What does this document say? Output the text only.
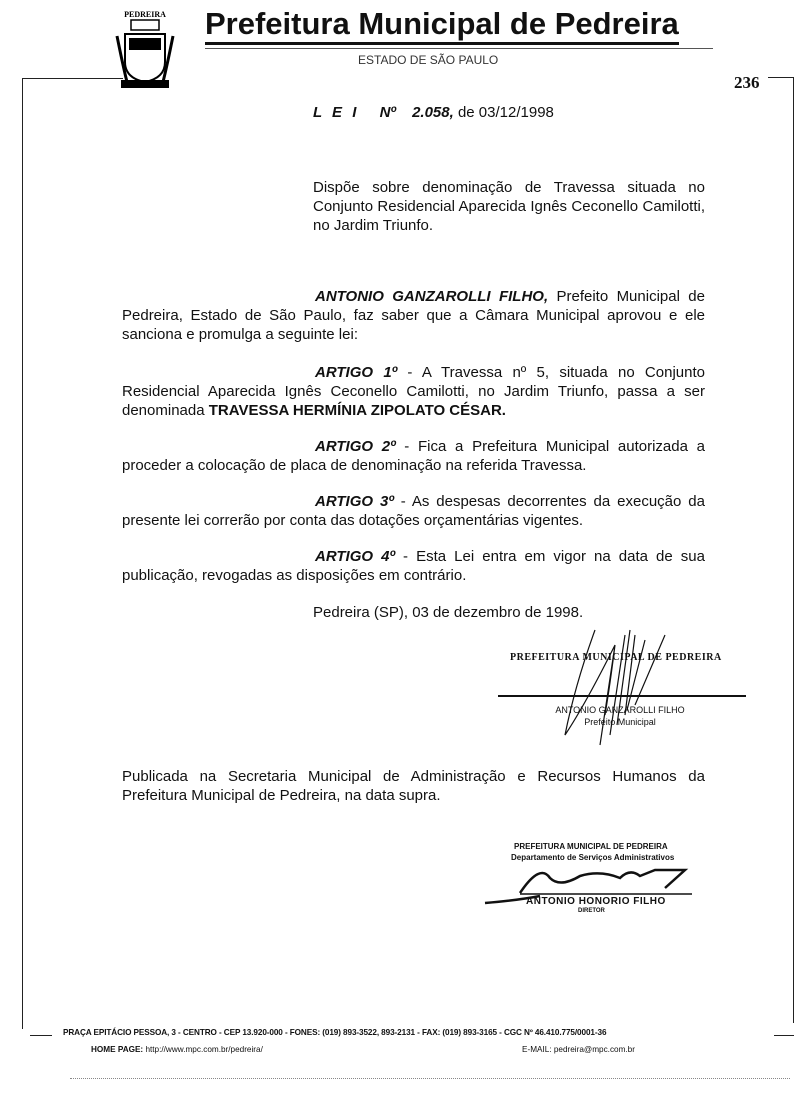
PEDREIRA Prefeitura Municipal de Pedreira
ESTADO DE SÃO PAULO
236
L E I Nº 2.058, de 03/12/1998
Dispõe sobre denominação de Travessa situada no Conjunto Residencial Aparecida Ignês Ceconello Camilotti, no Jardim Triunfo.
ANTONIO GANZAROLLI FILHO, Prefeito Municipal de Pedreira, Estado de São Paulo, faz saber que a Câmara Municipal aprovou e ele sanciona e promulga a seguinte lei:
ARTIGO 1º - A Travessa nº 5, situada no Conjunto Residencial Aparecida Ignês Ceconello Camilotti, no Jardim Triunfo, passa a ser denominada TRAVESSA HERMÍNIA ZIPOLATO CÉSAR.
ARTIGO 2º - Fica a Prefeitura Municipal autorizada a proceder a colocação de placa de denominação na referida Travessa.
ARTIGO 3º - As despesas decorrentes da execução da presente lei correrão por conta das dotações orçamentárias vigentes.
ARTIGO 4º - Esta Lei entra em vigor na data de sua publicação, revogadas as disposições em contrário.
Pedreira (SP), 03 de dezembro de 1998.
PREFEITURA MUNICIPAL DE PEDREIRA
ANTONIO GANZAROLLI FILHO
Prefeito Municipal
Publicada na Secretaria Municipal de Administração e Recursos Humanos da Prefeitura Municipal de Pedreira, na data supra.
PREFEITURA MUNICIPAL DE PEDREIRA
Departamento de Serviços Administrativos
ANTONIO HONORIO FILHO
DIRETOR
PRAÇA EPITÁCIO PESSOA, 3 - CENTRO - CEP 13.920-000 - FONES: (019) 893-3522, 893-2131 - FAX: (019) 893-3165 - CGC Nº 46.410.775/0001-36
HOME PAGE: http://www.mpc.com.br/pedreira/	E-MAIL: pedreira@mpc.com.br
